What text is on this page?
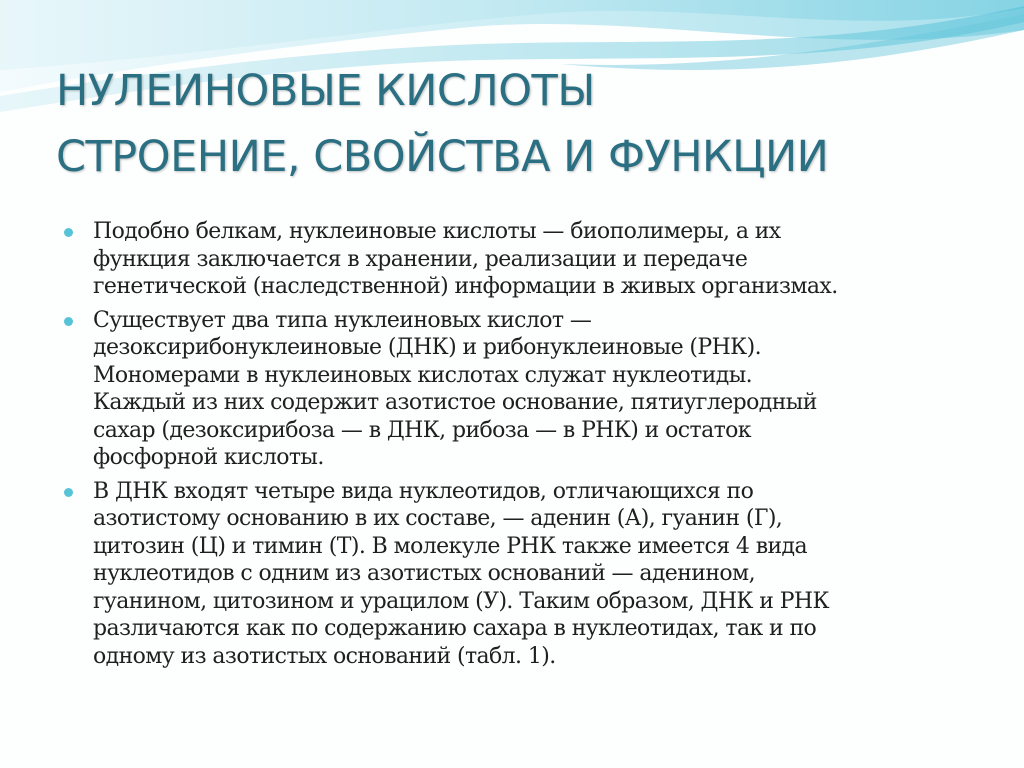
НУЛЕИНОВЫЕ КИСЛОТЫ
СТРОЕНИЕ, СВОЙСТВА И ФУНКЦИИ
Подобно белкам, нуклеиновые кислоты — биополимеры, а их
функция заключается в хранении, реализации и передаче
генетической (наследственной) информации в живых организмах.
Существует два типа нуклеиновых кислот —
дезоксирибонуклеиновые (ДНК) и рибонуклеиновые (РНК).
Мономерами в нуклеиновых кислотах служат нуклеотиды.
Каждый из них содержит азотистое основание, пятиуглеродный
сахар (дезоксирибоза — в ДНК, рибоза — в РНК) и остаток
фосфорной кислоты.
В ДНК входят четыре вида нуклеотидов, отличающихся по
азотистому основанию в их составе, — аденин (А), гуанин (Г),
цитозин (Ц) и тимин (Т). В молекуле РНК также имеется 4 вида
нуклеотидов с одним из азотистых оснований — аденином,
гуанином, цитозином и урацилом (У). Таким образом, ДНК и РНК
различаются как по содержанию сахара в нуклеотидах, так и по
одному из азотистых оснований (табл. 1).
